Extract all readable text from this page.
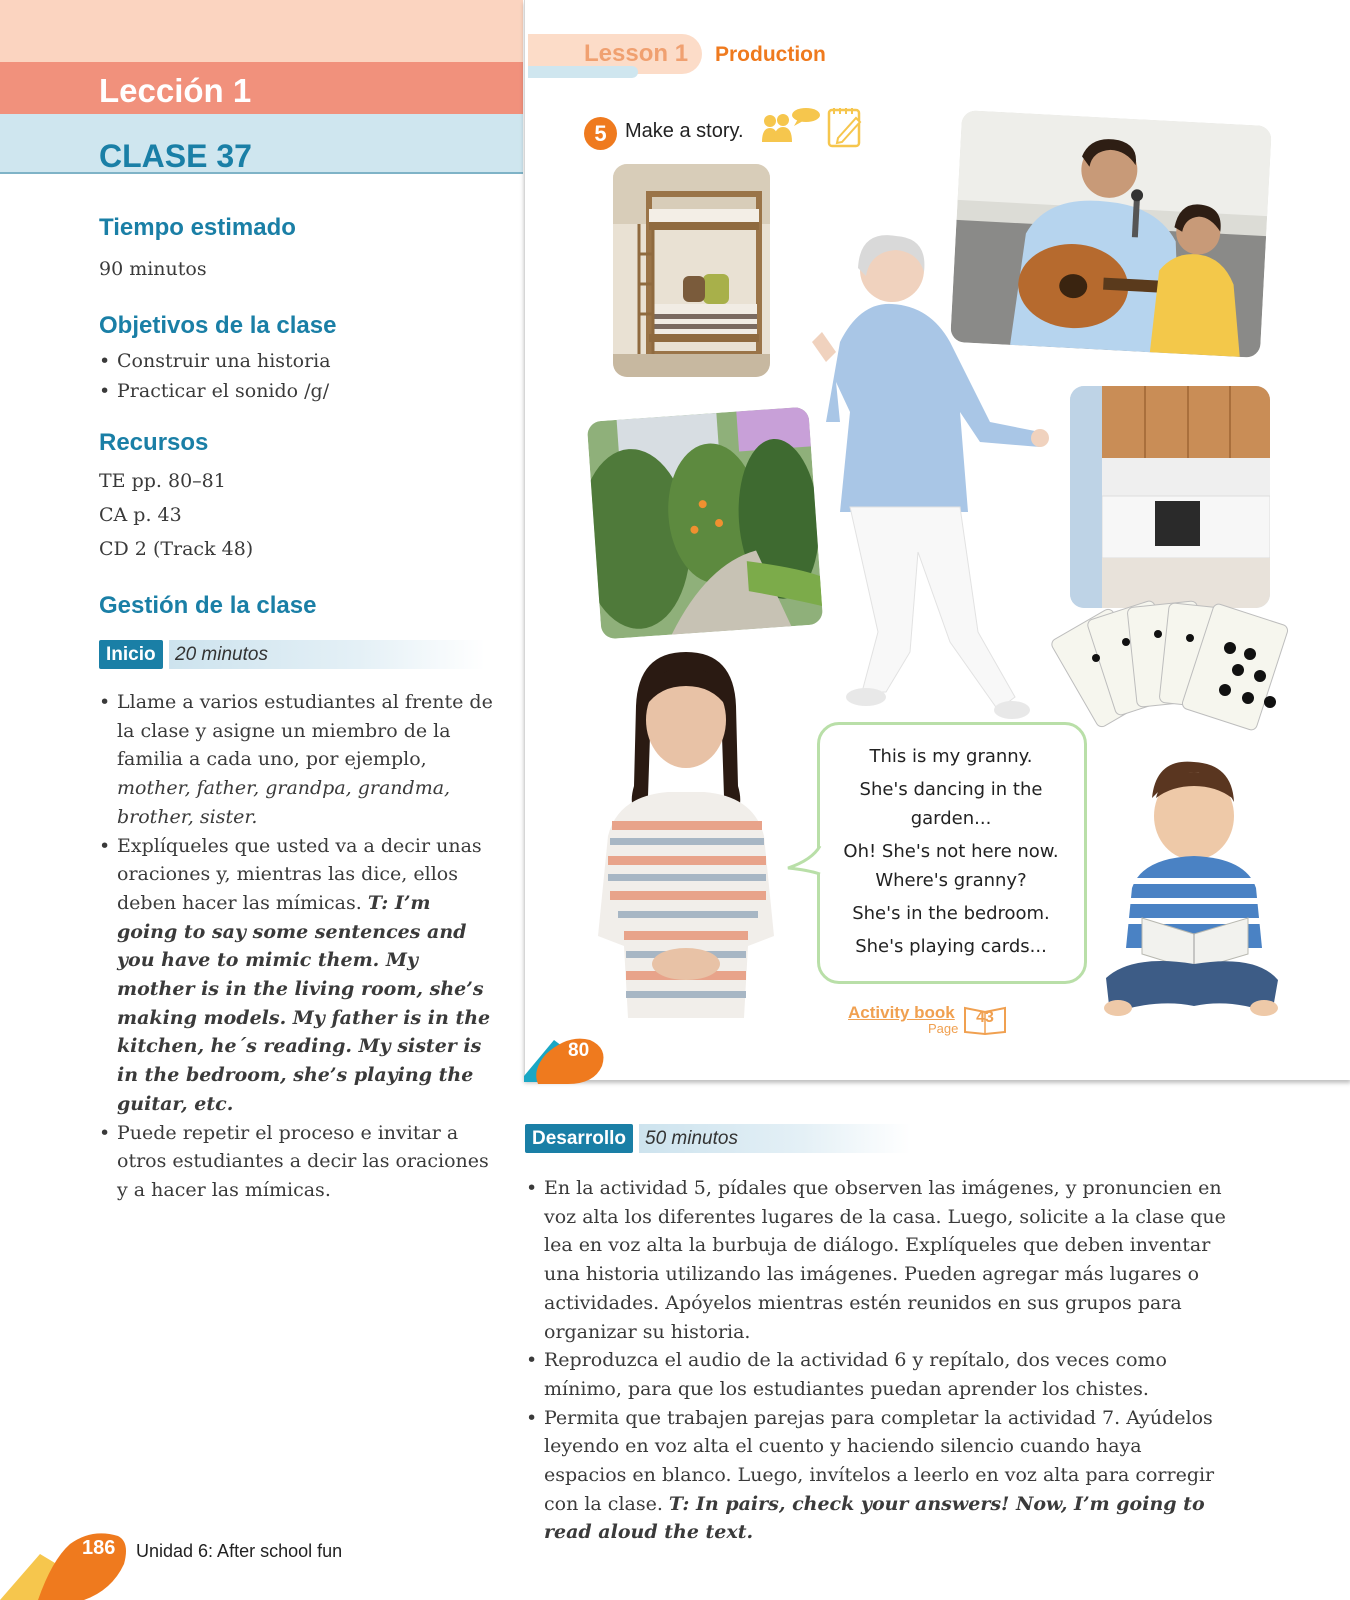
Lección 1
CLASE 37
Tiempo estimado
90 minutos
Objetivos de la clase
• Construir una historia
• Practicar el sonido /g/
Recursos
TE pp. 80–81
CA p. 43
CD 2 (Track 48)
Gestión de la clase
20 minutos
Inicio
• Llame a varios estudiantes al frente de la clase y asigne un miembro de la familia a cada uno, por ejemplo, mother, father, grandpa, grandma, brother, sister.
• Explíqueles que usted va a decir unas oraciones y, mientras las dice, ellos deben hacer las mímicas. T: I’m going to say some sentences and you have to mimic them. My mother is in the living room, she’s making models. My father is in the kitchen, he´s reading. My sister is in the bedroom, she’s playing the guitar, etc.
• Puede repetir el proceso e invitar a otros estudiantes a decir las oraciones y a hacer las mímicas.
Lesson 1 Production
5 Make a story.

This is my granny.

She's dancing in the garden...

Oh! She's not here now. Where's granny?

She's in the bedroom.

She's playing cards...

Activity book
Page
43
80
50 minutos
Desarrollo
• En la actividad 5, pídales que observen las imágenes, y pronuncien en voz alta los diferentes lugares de la casa. Luego, solicite a la clase que lea en voz alta la burbuja de diálogo. Explíqueles que deben inventar una historia utilizando las imágenes. Pueden agregar más lugares o actividades. Apóyelos mientras estén reunidos en sus grupos para organizar su historia.
• Reproduzca el audio de la actividad 6 y repítalo, dos veces como mínimo, para que los estudiantes puedan aprender los chistes.
• Permita que trabajen parejas para completar la actividad 7. Ayúdelos leyendo en voz alta el cuento y haciendo silencio cuando haya espacios en blanco. Luego, invítelos a leerlo en voz alta para corregir con la clase. T: In pairs, check your answers! Now, I’m going to read aloud the text.
186 Unidad 6: After school fun
